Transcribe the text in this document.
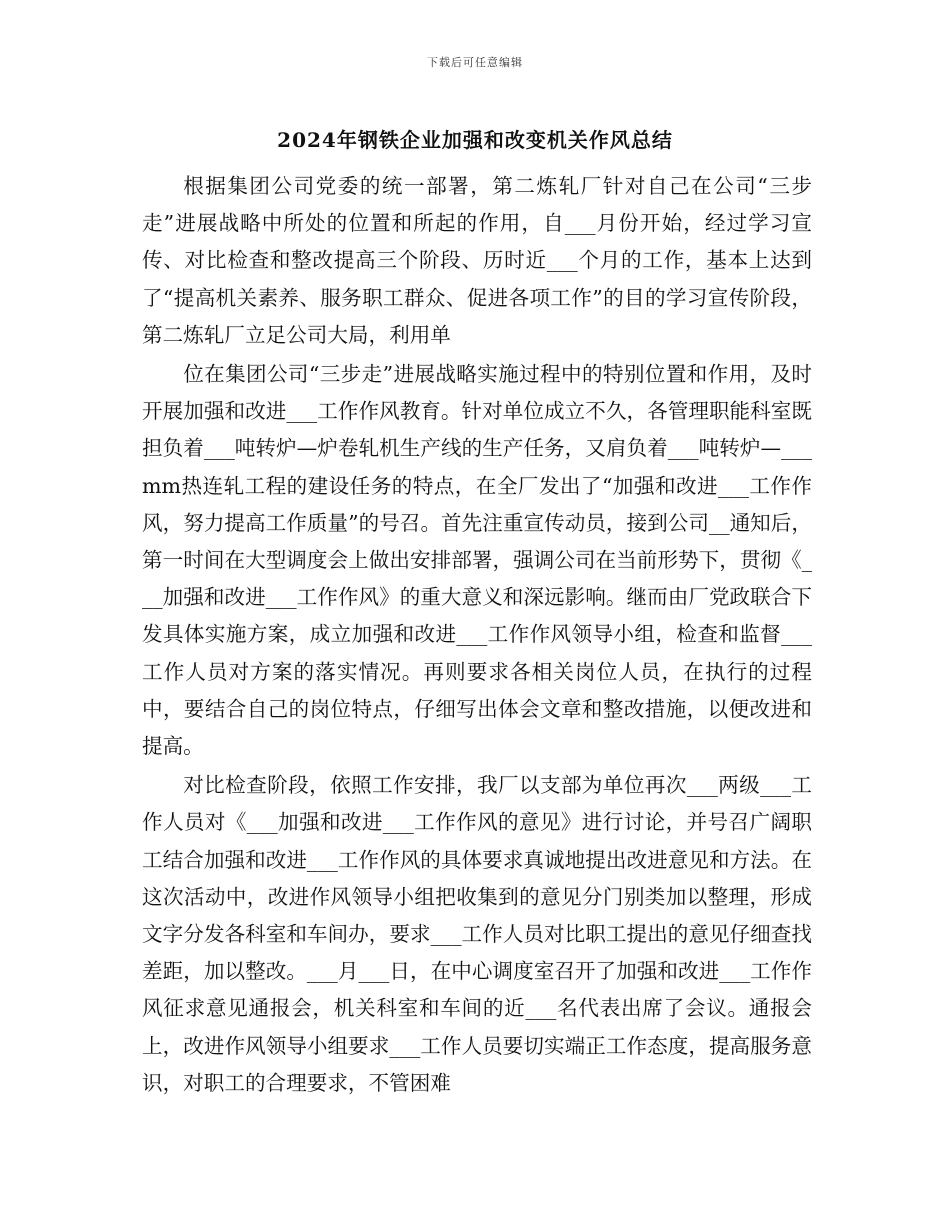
下载后可任意编辑
2024年钢铁企业加强和改变机关作风总结

根据集团公司党委的统一部署，第二炼轧厂针对自己在公司“三步走”进展战略中所处的位置和所起的作用，自___月份开始，经过学习宣传、对比检查和整改提高三个阶段、历时近___个月的工作，基本上达到了“提高机关素养、服务职工群众、促进各项工作”的目的学习宣传阶段，第二炼轧厂立足公司大局，利用单

位在集团公司“三步走”进展战略实施过程中的特别位置和作用，及时开展加强和改进___工作作风教育。针对单位成立不久，各管理职能科室既担负着___吨转炉—炉卷轧机生产线的生产任务，又肩负着___吨转炉—___mm热连轧工程的建设任务的特点，在全厂发出了“加强和改进___工作作风，努力提高工作质量”的号召。首先注重宣传动员，接到公司__通知后，第一时间在大型调度会上做出安排部署，强调公司在当前形势下，贯彻《___加强和改进___工作作风》的重大意义和深远影响。继而由厂党政联合下发具体实施方案，成立加强和改进___工作作风领导小组，检查和监督___工作人员对方案的落实情况。再则要求各相关岗位人员，在执行的过程中，要结合自己的岗位特点，仔细写出体会文章和整改措施，以便改进和提高。

对比检查阶段，依照工作安排，我厂以支部为单位再次___两级___工作人员对《___加强和改进___工作作风的意见》进行讨论，并号召广阔职工结合加强和改进___工作作风的具体要求真诚地提出改进意见和方法。在这次活动中，改进作风领导小组把收集到的意见分门别类加以整理，形成文字分发各科室和车间办，要求___工作人员对比职工提出的意见仔细查找差距，加以整改。___月___日，在中心调度室召开了加强和改进___工作作风征求意见通报会，机关科室和车间的近___名代表出席了会议。通报会上，改进作风领导小组要求___工作人员要切实端正工作态度，提高服务意识，对职工的合理要求，不管困难
